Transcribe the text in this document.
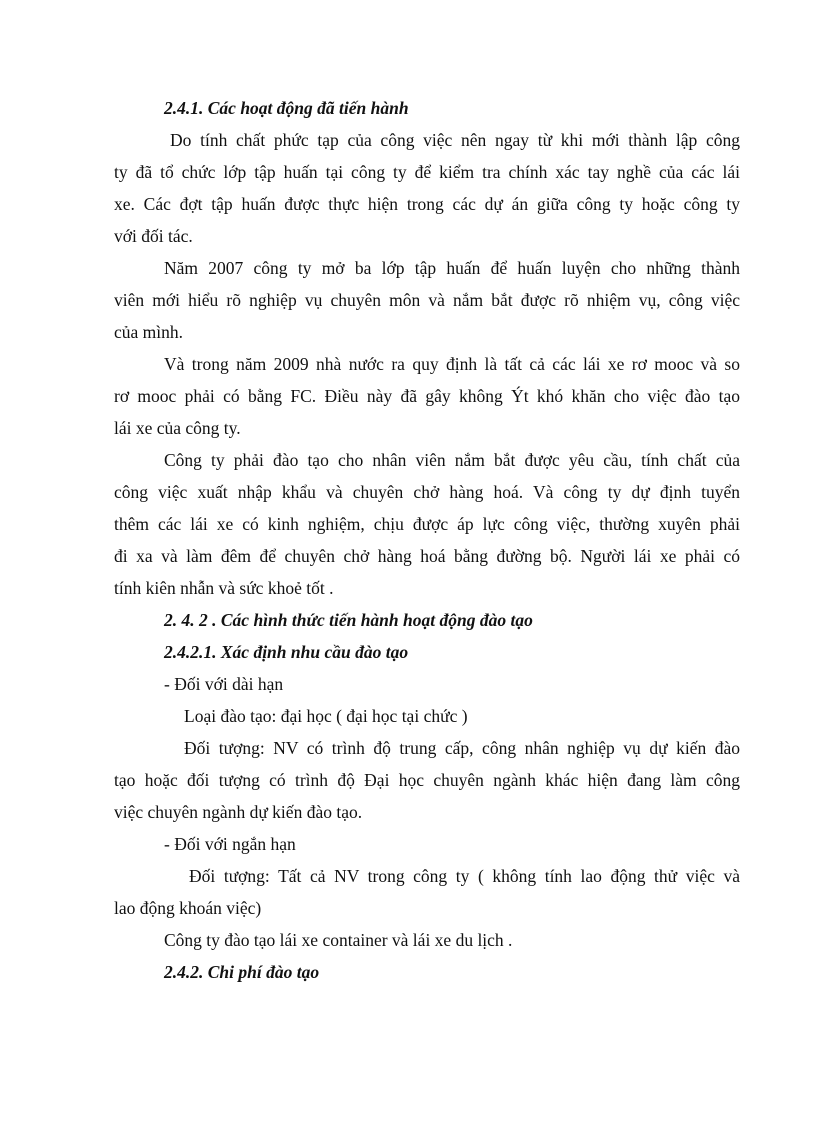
2.4.1. Các hoạt động đã tiến hành
Do tính chất phức tạp của công việc nên ngay từ khi mới thành lập công
ty đã tổ chức lớp tập huấn tại công ty để kiểm tra chính xác tay nghề của các lái
xe. Các đợt tập huấn được thực hiện trong các dự án giữa công ty hoặc công ty
với đối tác.
Năm 2007 công ty mở ba lớp tập huấn để huấn luyện cho những thành
viên mới hiểu rõ nghiệp vụ chuyên môn và nắm bắt được rõ nhiệm vụ, công việc
của mình.
Và trong năm 2009 nhà nước ra quy định là tất cả các lái xe rơ mooc và so
rơ mooc phải có bằng FC. Điều này đã gây không Ýt khó khăn cho việc đào tạo
lái xe của công ty.
Công ty phải đào tạo cho nhân viên nắm bắt được yêu cầu, tính chất của
công việc xuất nhập khẩu và chuyên chở hàng hoá. Và công ty dự định tuyển
thêm các lái xe có kinh nghiệm, chịu được áp lực công việc, thường xuyên phải
đi xa và làm đêm để chuyên chở hàng hoá bằng đường bộ. Người lái xe phải có
tính kiên nhẫn và sức khoẻ tốt .
2. 4. 2 . Các hình thức tiến hành hoạt động đào tạo
2.4.2.1. Xác định nhu cầu đào tạo
- Đối với dài hạn
Loại đào tạo: đại học ( đại học tại chức )
Đối tượng: NV có trình độ trung cấp, công nhân nghiệp vụ dự kiến đào
tạo hoặc đối tượng có trình độ Đại học chuyên ngành khác hiện đang làm công
việc chuyên ngành dự kiến đào tạo.
- Đối với ngắn hạn
Đối tượng: Tất cả NV trong công ty ( không tính lao động thử việc và
lao động khoán việc)
Công ty đào tạo lái xe container và lái xe du lịch .
2.4.2. Chi phí đào tạo
